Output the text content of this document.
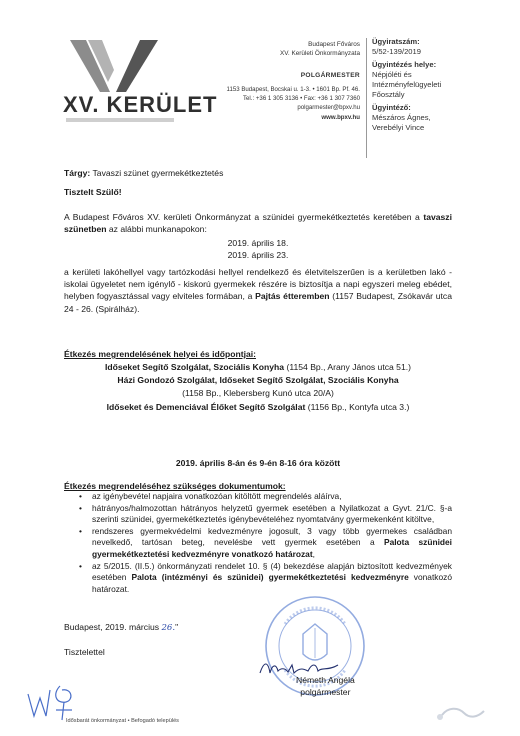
XV. KERÜLET
Budapest Főváros
XV. Kerületi Önkormányzata
POLGÁRMESTER
1153 Budapest, Bocskai u. 1-3. • 1601 Bp. Pf. 46.
Tel.: +36 1 305 3136 • Fax: +36 1 307 7360
polgarmester@bpxv.hu
www.bpxv.hu
Ügyiratszám:
5/52-139/2019
Ügyintézés helye:
Népjóléti és
Intézményfelügyeleti
Főosztály
Ügyintéző:
Mészáros Ágnes,
Verebélyi Vince
Tárgy: Tavaszi szünet gyermekétkeztetés
Tisztelt Szülő!
A Budapest Főváros XV. kerületi Önkormányzat a szünidei gyermekétkeztetés keretében a tavaszi szünetben az alábbi munkanapokon:
2019. április 18.
2019. április 23.
a kerületi lakóhellyel vagy tartózkodási hellyel rendelkező és életvitelszerűen is a kerületben lakó - iskolai ügyeletet nem igénylő - kiskorú gyermekek részére is biztosítja a napi egyszeri meleg ebédet, helyben fogyasztással vagy elviteles formában, a Pajtás étteremben (1157 Budapest, Zsókavár utca 24 - 26. (Spirálház).
Étkezés megrendelésének helyei és időpontjai:
Időseket Segítő Szolgálat, Szociális Konyha (1154 Bp., Arany János utca 51.)
Házi Gondozó Szolgálat, Időseket Segítő Szolgálat, Szociális Konyha
(1158 Bp., Klebersberg Kunó utca 20/A)
Időseket és Demenciával Élőket Segítő Szolgálat (1156 Bp., Kontyfa utca 3.)
2019. április 8-án és 9-én 8-16 óra között
Étkezés megrendeléséhez szükséges dokumentumok:
• az igénybevétel napjaira vonatkozóan kitöltött megrendelés aláírva,
• hátrányos/halmozottan hátrányos helyzetű gyermek esetében a Nyilatkozat a Gyvt. 21/C. §-a szerinti szünidei, gyermekétkeztetés igénybevételéhez nyomtatvány gyermekenként kitöltve,
• rendszeres gyermekvédelmi kedvezményre jogosult, 3 vagy több gyermekes családban nevelkedő, tartósan beteg, nevelésbe vett gyermek esetében a Palota szünidei gyermekétkeztetési kedvezményre vonatkozó határozat,
• az 5/2015. (II.5.) önkormányzati rendelet 10. § (4) bekezdése alapján biztosított kedvezmények esetében Palota (intézményi és szünidei) gyermekétkeztetési kedvezményre vonatkozó határozat.
Budapest, 2019. március 26."
Tisztelettel
Németh Angéla
polgármester
Idősbarát önkormányzat • Befogadó település
